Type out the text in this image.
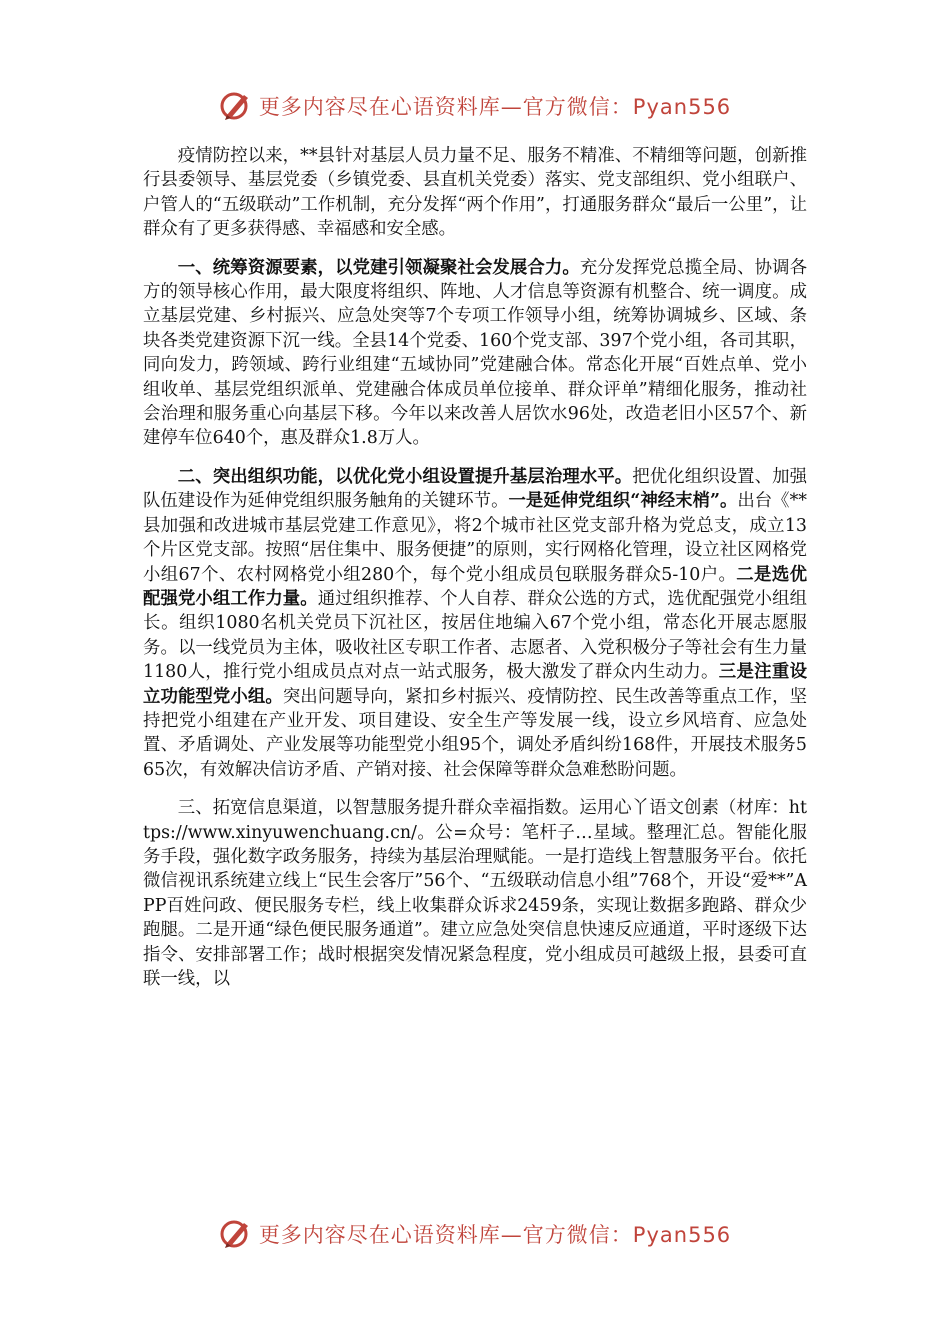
更多内容尽在心语资料库—官方微信：Pyan556

疫情防控以来，**县针对基层人员力量不足、服务不精准、不精细等问题，创新推行县委领导、基层党委（乡镇党委、县直机关党委）落实、党支部组织、党小组联户、户管人的“五级联动”工作机制，充分发挥“两个作用”，打通服务群众“最后一公里”，让群众有了更多获得感、幸福感和安全感。

一、统筹资源要素，以党建引领凝聚社会发展合力。充分发挥党总揽全局、协调各方的领导核心作用，最大限度将组织、阵地、人才信息等资源有机整合、统一调度。成立基层党建、乡村振兴、应急处突等7个专项工作领导小组，统筹协调城乡、区域、条块各类党建资源下沉一线。全县14个党委、160个党支部、397个党小组，各司其职，同向发力，跨领域、跨行业组建“五域协同”党建融合体。常态化开展“百姓点单、党小组收单、基层党组织派单、党建融合体成员单位接单、群众评单”精细化服务，推动社会治理和服务重心向基层下移。今年以来改善人居饮水96处，改造老旧小区57个、新建停车位640个，惠及群众1.8万人。

二、突出组织功能，以优化党小组设置提升基层治理水平。把优化组织设置、加强队伍建设作为延伸党组织服务触角的关键环节。一是延伸党组织“神经末梢”。出台《**县加强和改进城市基层党建工作意见》，将2个城市社区党支部升格为党总支，成立13个片区党支部。按照“居住集中、服务便捷”的原则，实行网格化管理，设立社区网格党小组67个、农村网格党小组280个，每个党小组成员包联服务群众5-10户。二是选优配强党小组工作力量。通过组织推荐、个人自荐、群众公选的方式，选优配强党小组组长。组织1080名机关党员下沉社区，按居住地编入67个党小组，常态化开展志愿服务。以一线党员为主体，吸收社区专职工作者、志愿者、入党积极分子等社会有生力量1180人，推行党小组成员点对点一站式服务，极大激发了群众内生动力。三是注重设立功能型党小组。突出问题导向，紧扣乡村振兴、疫情防控、民生改善等重点工作，坚持把党小组建在产业开发、项目建设、安全生产等发展一线，设立乡风培育、应急处置、矛盾调处、产业发展等功能型党小组95个，调处矛盾纠纷168件，开展技术服务565次，有效解决信访矛盾、产销对接、社会保障等群众急难愁盼问题。

三、拓宽信息渠道，以智慧服务提升群众幸福指数。运用心丫语文创素（材库：https://www.xinyuwenchuang.cn/。公=众号：笔杆子…星域。整理汇总。智能化服务手段，强化数字政务服务，持续为基层治理赋能。一是打造线上智慧服务平台。依托微信视讯系统建立线上“民生会客厅”56个、“五级联动信息小组”768个，开设“爱**”APP百姓问政、便民服务专栏，线上收集群众诉求2459条，实现让数据多跑路、群众少跑腿。二是开通“绿色便民服务通道”。建立应急处突信息快速反应通道，平时逐级下达指令、安排部署工作；战时根据突发情况紧急程度，党小组成员可越级上报，县委可直联一线，以

更多内容尽在心语资料库—官方微信：Pyan556
